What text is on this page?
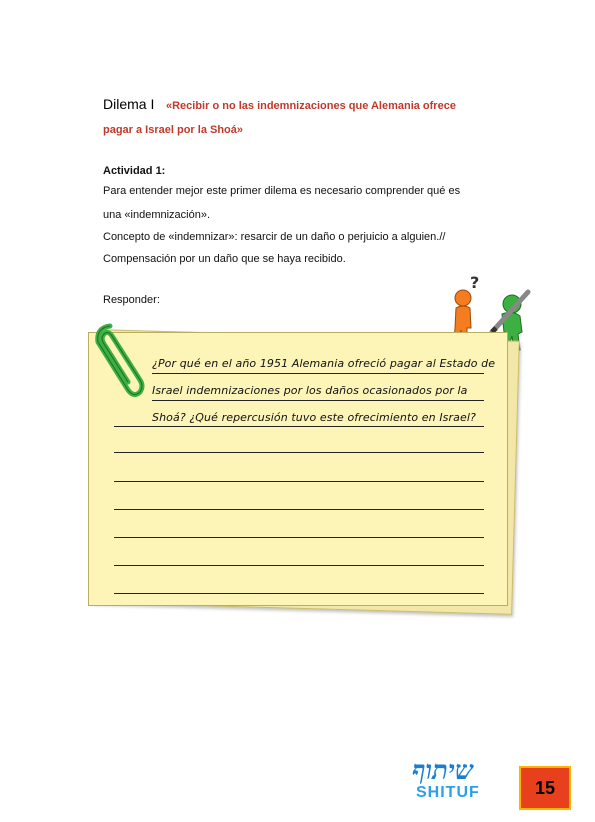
Dilema I «Recibir o no las indemnizaciones que Alemania ofrece
pagar a Israel por la Shoá»
Actividad 1:
Para entender mejor este primer dilema es necesario comprender qué es
una «indemnización».
Concepto de «indemnizar»: resarcir de un daño o perjuicio a alguien.//
Compensación por un daño que se haya recibido.
Responder:
?
¿Por qué en el año 1951 Alemania ofreció pagar al Estado de
Israel indemnizaciones por los daños ocasionados por la
Shoá? ¿Qué repercusión tuvo este ofrecimiento en Israel?
שיתוף
SHITUF	15
